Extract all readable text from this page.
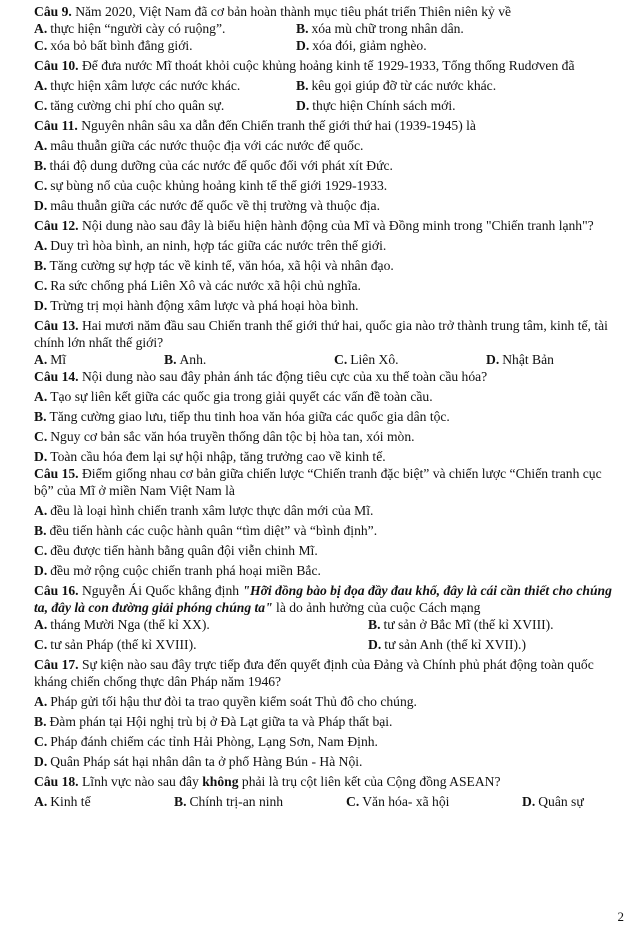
Câu 9. Năm 2020, Việt Nam đã cơ bản hoàn thành mục tiêu phát triển Thiên niên kỷ về
A. thực hiện “người cày có ruộng”.	B. xóa mù chữ trong nhân dân.
C. xóa bỏ bất bình đẳng giới.	D. xóa đói, giảm nghèo.
Câu 10. Để đưa nước Mĩ thoát khỏi cuộc khủng hoảng kinh tế 1929-1933, Tổng thống Rudơven đã
A. thực hiện xâm lược các nước khác.	B. kêu gọi giúp đỡ từ các nước khác.
C. tăng cường chi phí cho quân sự.	D. thực hiện Chính sách mới.
Câu 11. Nguyên nhân sâu xa dẫn đến Chiến tranh thế giới thứ hai (1939-1945) là
A. mâu thuẫn giữa các nước thuộc địa với các nước đế quốc.
B. thái độ dung dưỡng của các nước đế quốc đối với phát xít Đức.
C. sự bùng nổ của cuộc khủng hoảng kinh tế thế giới 1929-1933.
D. mâu thuẫn giữa các nước đế quốc về thị trường và thuộc địa.
Câu 12. Nội dung nào sau đây là biểu hiện hành động của Mĩ và Đồng minh trong "Chiến tranh lạnh"?
A. Duy trì hòa bình, an ninh, hợp tác giữa các nước trên thế giới.
B. Tăng cường sự hợp tác về kinh tế, văn hóa, xã hội và nhân đạo.
C. Ra sức chống phá Liên Xô và các nước xã hội chủ nghĩa.
D. Trừng trị mọi hành động xâm lược và phá hoại hòa bình.
Câu 13. Hai mươi năm đầu sau Chiến tranh thế giới thứ hai, quốc gia nào trở thành trung tâm, kinh tế, tài chính lớn nhất thế giới?
A. Mĩ	B. Anh.	C. Liên Xô.	D. Nhật Bản
Câu 14. Nội dung nào sau đây phản ánh tác động tiêu cực của xu thế toàn cầu hóa?
A. Tạo sự liên kết giữa các quốc gia trong giải quyết các vấn đề toàn cầu.
B. Tăng cường giao lưu, tiếp thu tinh hoa văn hóa giữa các quốc gia dân tộc.
C. Nguy cơ bản sắc văn hóa truyền thống dân tộc bị hòa tan, xói mòn.
D. Toàn cầu hóa đem lại sự hội nhập, tăng trưởng cao về kinh tế.
Câu 15. Điểm giống nhau cơ bản giữa chiến lược “Chiến tranh đặc biệt” và chiến lược “Chiến tranh cục bộ” của Mĩ ở miền Nam Việt Nam là
A. đều là loại hình chiến tranh xâm lược thực dân mới của Mĩ.
B. đều tiến hành các cuộc hành quân “tìm diệt” và “bình định”.
C. đều được tiến hành bằng quân đội viễn chinh Mĩ.
D. đều mở rộng cuộc chiến tranh phá hoại miền Bắc.
Câu 16. Nguyễn Ái Quốc khẳng định "Hỡi đồng bào bị đọa đầy đau khổ, đây là cái cần thiết cho chúng ta, đây là con đường giải phóng chúng ta" là do ảnh hưởng của cuộc Cách mạng
A. tháng Mười Nga (thế kỉ XX).	B. tư sản ở Bắc Mĩ (thế kỉ XVIII).
C. tư sản Pháp (thế kỉ XVIII).	D. tư sản Anh (thế kỉ XVII).)
Câu 17. Sự kiện nào sau đây trực tiếp đưa đến quyết định của Đảng và Chính phủ phát động toàn quốc kháng chiến chống thực dân Pháp năm 1946?
A. Pháp gửi tối hậu thư đòi ta trao quyền kiểm soát Thủ đô cho chúng.
B. Đàm phán tại Hội nghị trù bị ở Đà Lạt giữa ta và Pháp thất bại.
C. Pháp đánh chiếm các tỉnh Hải Phòng, Lạng Sơn, Nam Định.
D. Quân Pháp sát hại nhân dân ta ở phố Hàng Bún - Hà Nội.
Câu 18. Lĩnh vực nào sau đây không phải là trụ cột liên kết của Cộng đồng ASEAN?
A. Kinh tế	B. Chính trị-an ninh	C. Văn hóa- xã hội	D. Quân sự
2
